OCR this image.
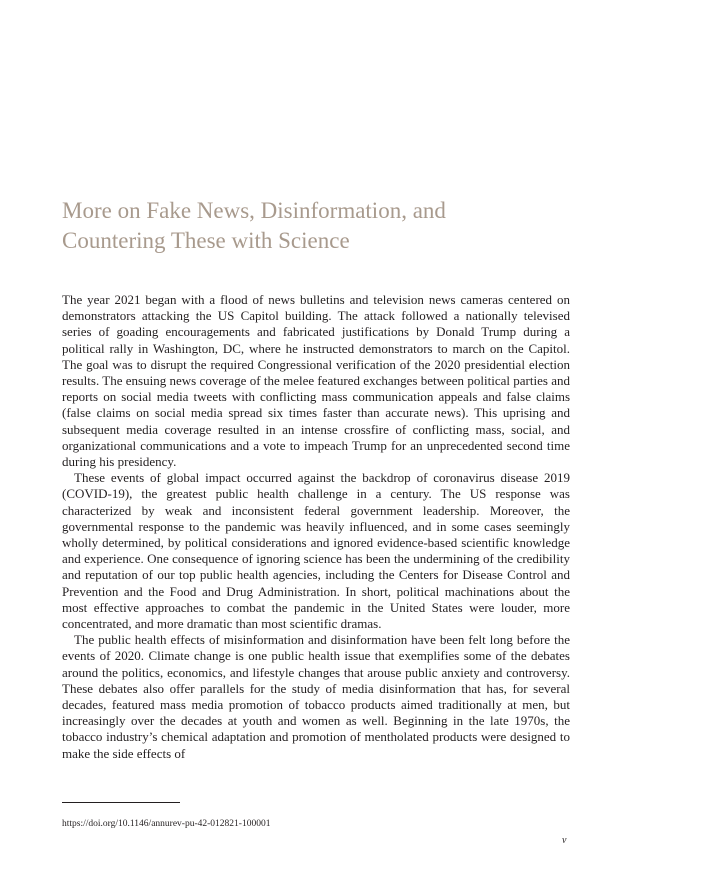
More on Fake News, Disinformation, and
Countering These with Science

The year 2021 began with a flood of news bulletins and television news cameras centered on demonstrators attacking the US Capitol building. The attack followed a nationally televised series of goading encouragements and fabricated justifications by Donald Trump during a political rally in Washington, DC, where he instructed demonstrators to march on the Capitol. The goal was to disrupt the required Congressional verification of the 2020 presidential election results. The ensuing news coverage of the melee featured exchanges between political parties and reports on social media tweets with conflicting mass communication appeals and false claims (false claims on social media spread six times faster than accurate news). This uprising and subsequent media coverage resulted in an intense crossfire of conflicting mass, social, and organizational communications and a vote to impeach Trump for an unprecedented second time during his presidency.

These events of global impact occurred against the backdrop of coronavirus disease 2019 (COVID-19), the greatest public health challenge in a century. The US response was characterized by weak and inconsistent federal government leadership. Moreover, the governmental response to the pandemic was heavily influenced, and in some cases seemingly wholly determined, by political considerations and ignored evidence-based scientific knowledge and experience. One consequence of ignoring science has been the undermining of the credibility and reputation of our top public health agencies, including the Centers for Disease Control and Prevention and the Food and Drug Administration. In short, political machinations about the most effective approaches to combat the pandemic in the United States were louder, more concentrated, and more dramatic than most scientific dramas.

The public health effects of misinformation and disinformation have been felt long before the events of 2020. Climate change is one public health issue that exemplifies some of the debates around the politics, economics, and lifestyle changes that arouse public anxiety and controversy. These debates also offer parallels for the study of media disinformation that has, for several decades, featured mass media promotion of tobacco products aimed traditionally at men, but increasingly over the decades at youth and women as well. Beginning in the late 1970s, the tobacco industry’s chemical adaptation and promotion of mentholated products were designed to make the side effects of

https://doi.org/10.1146/annurev-pu-42-012821-100001
v
